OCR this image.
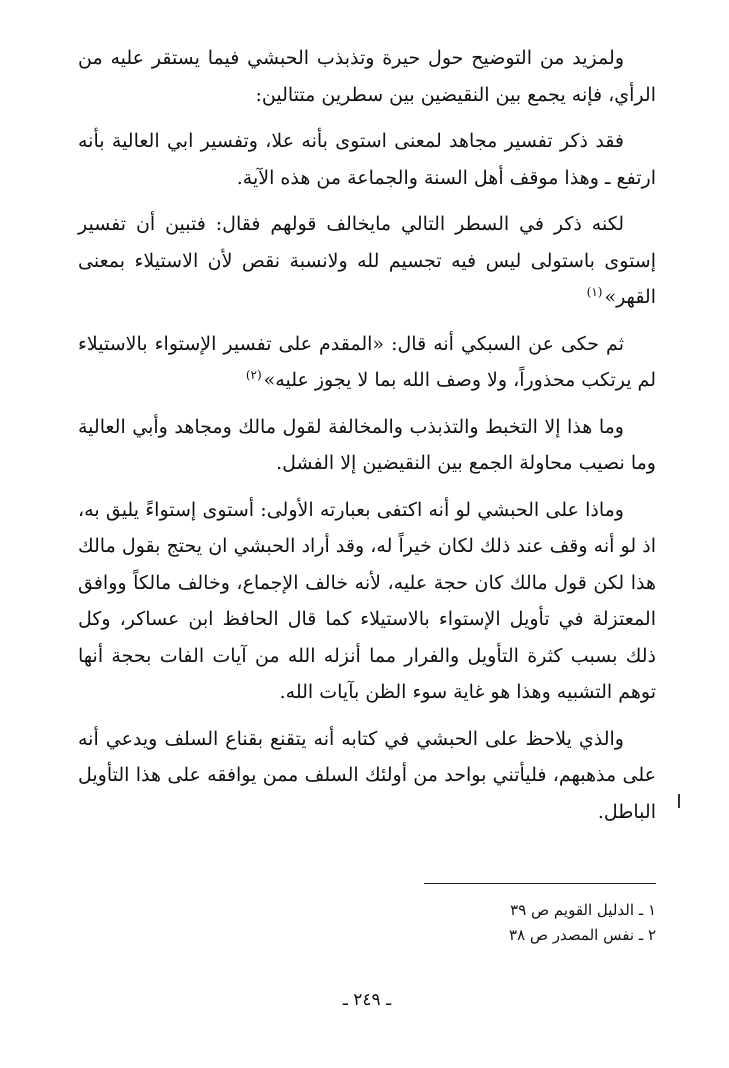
ولمزيد من التوضيح حول حيرة وتذبذب الحبشي فيما يستقر عليه من الرأي، فإنه يجمع بين النقيضين بين سطرين متتالين:

فقد ذكر تفسير مجاهد لمعنى استوى بأنه علا، وتفسير ابي العالية بأنه ارتفع ـ وهذا موقف أهل السنة والجماعة من هذه الآية.

لكنه ذكر في السطر التالي مايخالف قولهم فقال: فتبين أن تفسير إستوى باستولى ليس فيه تجسيم لله ولانسبة نقص لأن الاستيلاء بمعنى القهر»$^{(١)}$

ثم حكى عن السبكي أنه قال: «المقدم على تفسير الإستواء بالاستيلاء لم يرتكب محذوراً، ولا وصف الله بما لا يجوز عليه»$^{(٢)}$

وما هذا إلا التخبط والتذبذب والمخالفة لقول مالك ومجاهد وأبي العالية وما نصيب محاولة الجمع بين النقيضين إلا الفشل.

وماذا على الحبشي لو أنه اكتفى بعبارته الأولى: أستوى إستواءً يليق به، اذ لو أنه وقف عند ذلك لكان خيراً له، وقد أراد الحبشي ان يحتج بقول مالك هذا لكن قول مالك كان حجة عليه، لأنه خالف الإجماع، وخالف مالكاً ووافق المعتزلة في تأويل الإستواء بالاستيلاء كما قال الحافظ ابن عساكر، وكل ذلك بسبب كثرة التأويل والفرار مما أنزله الله من آيات الفات بحجة أنها توهم التشبيه وهذا هو غاية سوء الظن بآيات الله.

والذي يلاحظ على الحبشي في كتابه أنه يتقنع بقناع السلف ويدعي أنه على مذهبهم، فليأتني بواحد من أولئك السلف ممن يوافقه على هذا التأويل الباطل.

١ ـ الدليل القويم ص ٣٩

٢ ـ نفس المصدر ص ٣٨

ـ ٢٤٩ ـ
